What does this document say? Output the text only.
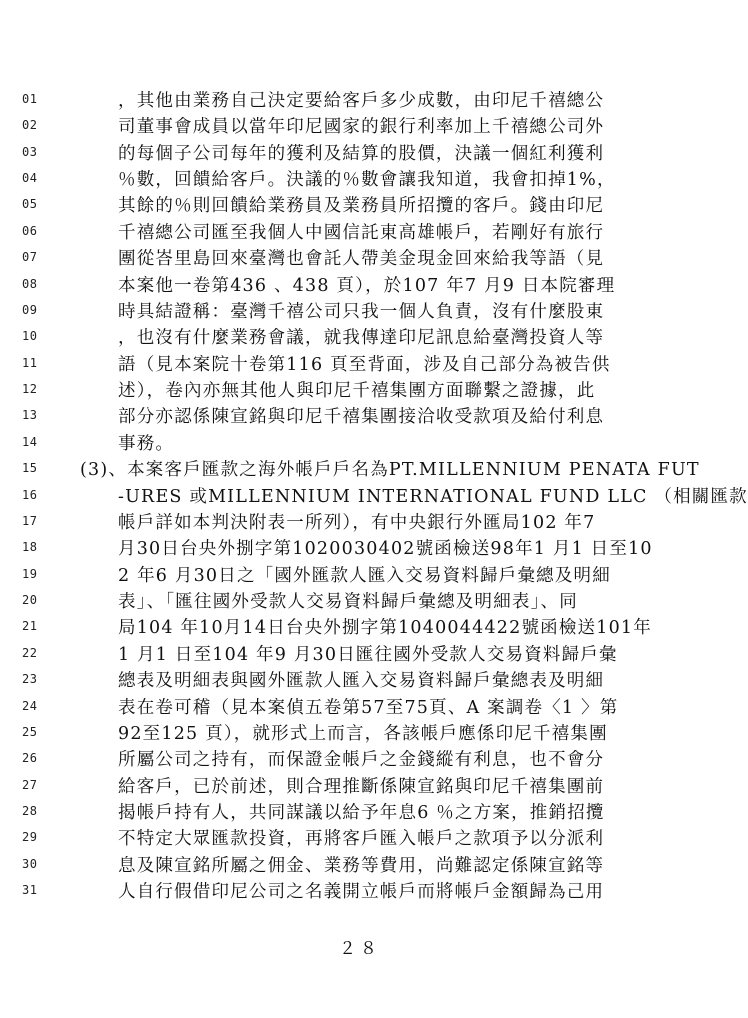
01	，其他由業務自己決定要給客戶多少成數，由印尼千禧總公
02	司董事會成員以當年印尼國家的銀行利率加上千禧總公司外
03	的每個子公司每年的獲利及結算的股價，決議一個紅利獲利
04	％數，回饋給客戶。決議的％數會讓我知道，我會扣掉1%，
05	其餘的％則回饋給業務員及業務員所招攬的客戶。錢由印尼
06	千禧總公司匯至我個人中國信託東高雄帳戶，若剛好有旅行
07	團從峇里島回來臺灣也會託人帶美金現金回來給我等語（見
08	本案他一卷第436 、438 頁），於107 年7 月9 日本院審理
09	時具結證稱：臺灣千禧公司只我一個人負責，沒有什麼股東
10	，也沒有什麼業務會議，就我傳達印尼訊息給臺灣投資人等
11	語（見本案院十卷第116 頁至背面，涉及自己部分為被告供
12	述），卷內亦無其他人與印尼千禧集團方面聯繫之證據，此
13	部分亦認係陳宣銘與印尼千禧集團接洽收受款項及給付利息
14	事務。
15	(3)、本案客戶匯款之海外帳戶戶名為PT.MILLENNIUM PENATA FUT
16	-URES 或MILLENNIUM INTERNATIONAL FUND LLC （相關匯款
17	帳戶詳如本判決附表一所列），有中央銀行外匯局102 年7
18	月30日台央外捌字第1020030402號函檢送98年1 月1 日至10
19	2 年6 月30日之「國外匯款人匯入交易資料歸戶彙總及明細
20	表」、「匯往國外受款人交易資料歸戶彙總及明細表」、同
21	局104 年10月14日台央外捌字第1040044422號函檢送101年
22	1 月1 日至104 年9 月30日匯往國外受款人交易資料歸戶彙
23	總表及明細表與國外匯款人匯入交易資料歸戶彙總表及明細
24	表在卷可稽（見本案偵五卷第57至75頁、A 案調卷〈1 〉第
25	92至125 頁），就形式上而言，各該帳戶應係印尼千禧集團
26	所屬公司之持有，而保證金帳戶之金錢縱有利息，也不會分
27	給客戶，已於前述，則合理推斷係陳宣銘與印尼千禧集團前
28	揭帳戶持有人，共同謀議以給予年息6 ％之方案，推銷招攬
29	不特定大眾匯款投資，再將客戶匯入帳戶之款項予以分派利
30	息及陳宣銘所屬之佣金、業務等費用，尚難認定係陳宣銘等
31	人自行假借印尼公司之名義開立帳戶而將帳戶金額歸為己用
２８
